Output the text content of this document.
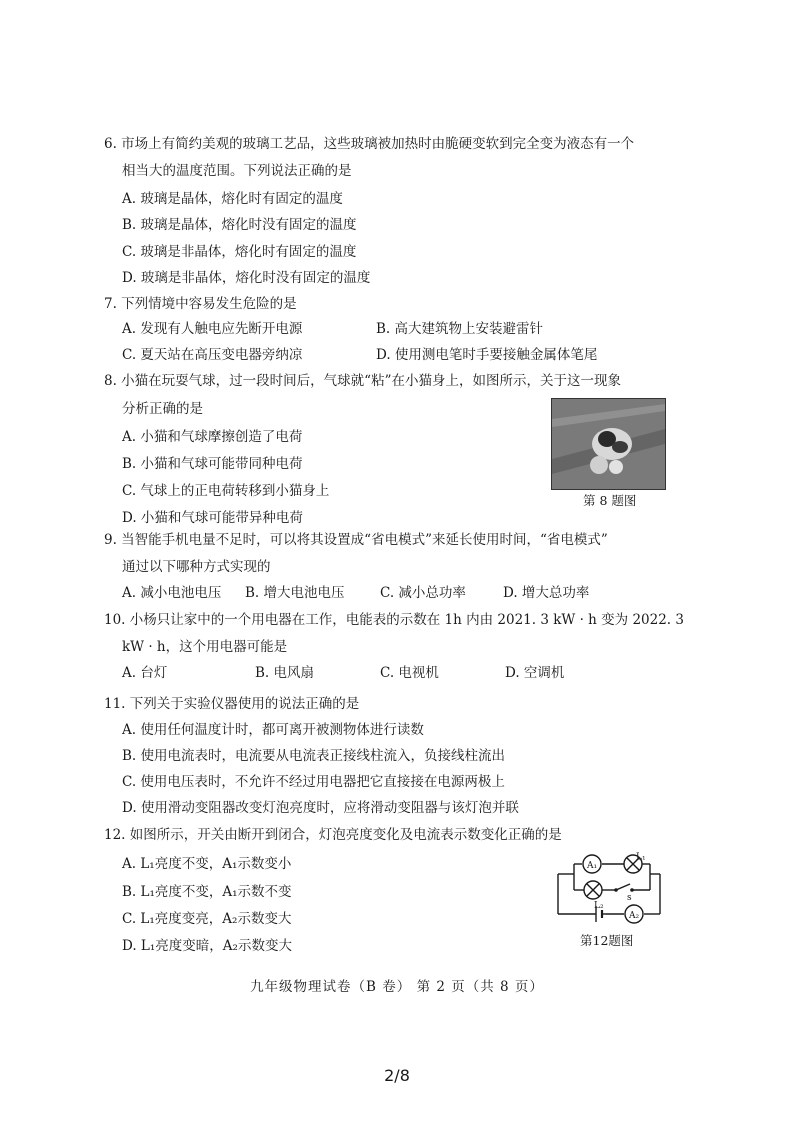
6. 市场上有简约美观的玻璃工艺品，这些玻璃被加热时由脆硬变软到完全变为液态有一个
相当大的温度范围。下列说法正确的是
A. 玻璃是晶体，熔化时有固定的温度
B. 玻璃是晶体，熔化时没有固定的温度
C. 玻璃是非晶体，熔化时有固定的温度
D. 玻璃是非晶体，熔化时没有固定的温度
7. 下列情境中容易发生危险的是
A. 发现有人触电应先断开电源	B. 高大建筑物上安装避雷针
C. 夏天站在高压变电器旁纳凉	D. 使用测电笔时手要接触金属体笔尾
8. 小猫在玩耍气球，过一段时间后，气球就“粘”在小猫身上，如图所示，关于这一现象
分析正确的是
A. 小猫和气球摩擦创造了电荷
B. 小猫和气球可能带同种电荷
C. 气球上的正电荷转移到小猫身上
D. 小猫和气球可能带异种电荷
第 8 题图
9. 当智能手机电量不足时，可以将其设置成“省电模式”来延长使用时间，“省电模式”
通过以下哪种方式实现的
A. 减小电池电压 B. 增大电池电压	C. 减小总功率	D. 增大总功率
10. 小杨只让家中的一个用电器在工作，电能表的示数在 1h 内由 2021. 3 kW · h 变为 2022. 3
kW · h，这个用电器可能是
A. 台灯	B. 电风扇	C. 电视机	D. 空调机
11. 下列关于实验仪器使用的说法正确的是
A. 使用任何温度计时，都可离开被测物体进行读数
B. 使用电流表时，电流要从电流表正接线柱流入，负接线柱流出
C. 使用电压表时，不允许不经过用电器把它直接接在电源两极上
D. 使用滑动变阻器改变灯泡亮度时，应将滑动变阻器与该灯泡并联
12. 如图所示，开关由断开到闭合，灯泡亮度变化及电流表示数变化正确的是
A. L₁亮度不变，A₁示数变小
B. L₁亮度不变，A₁示数不变
C. L₁亮度变亮，A₂示数变大
D. L₁亮度变暗，A₂示数变大
A₁
A₂
L₁
L₂
s
第12题图
九年级物理试卷（B 卷） 第 2 页（共 8 页）
2/8
